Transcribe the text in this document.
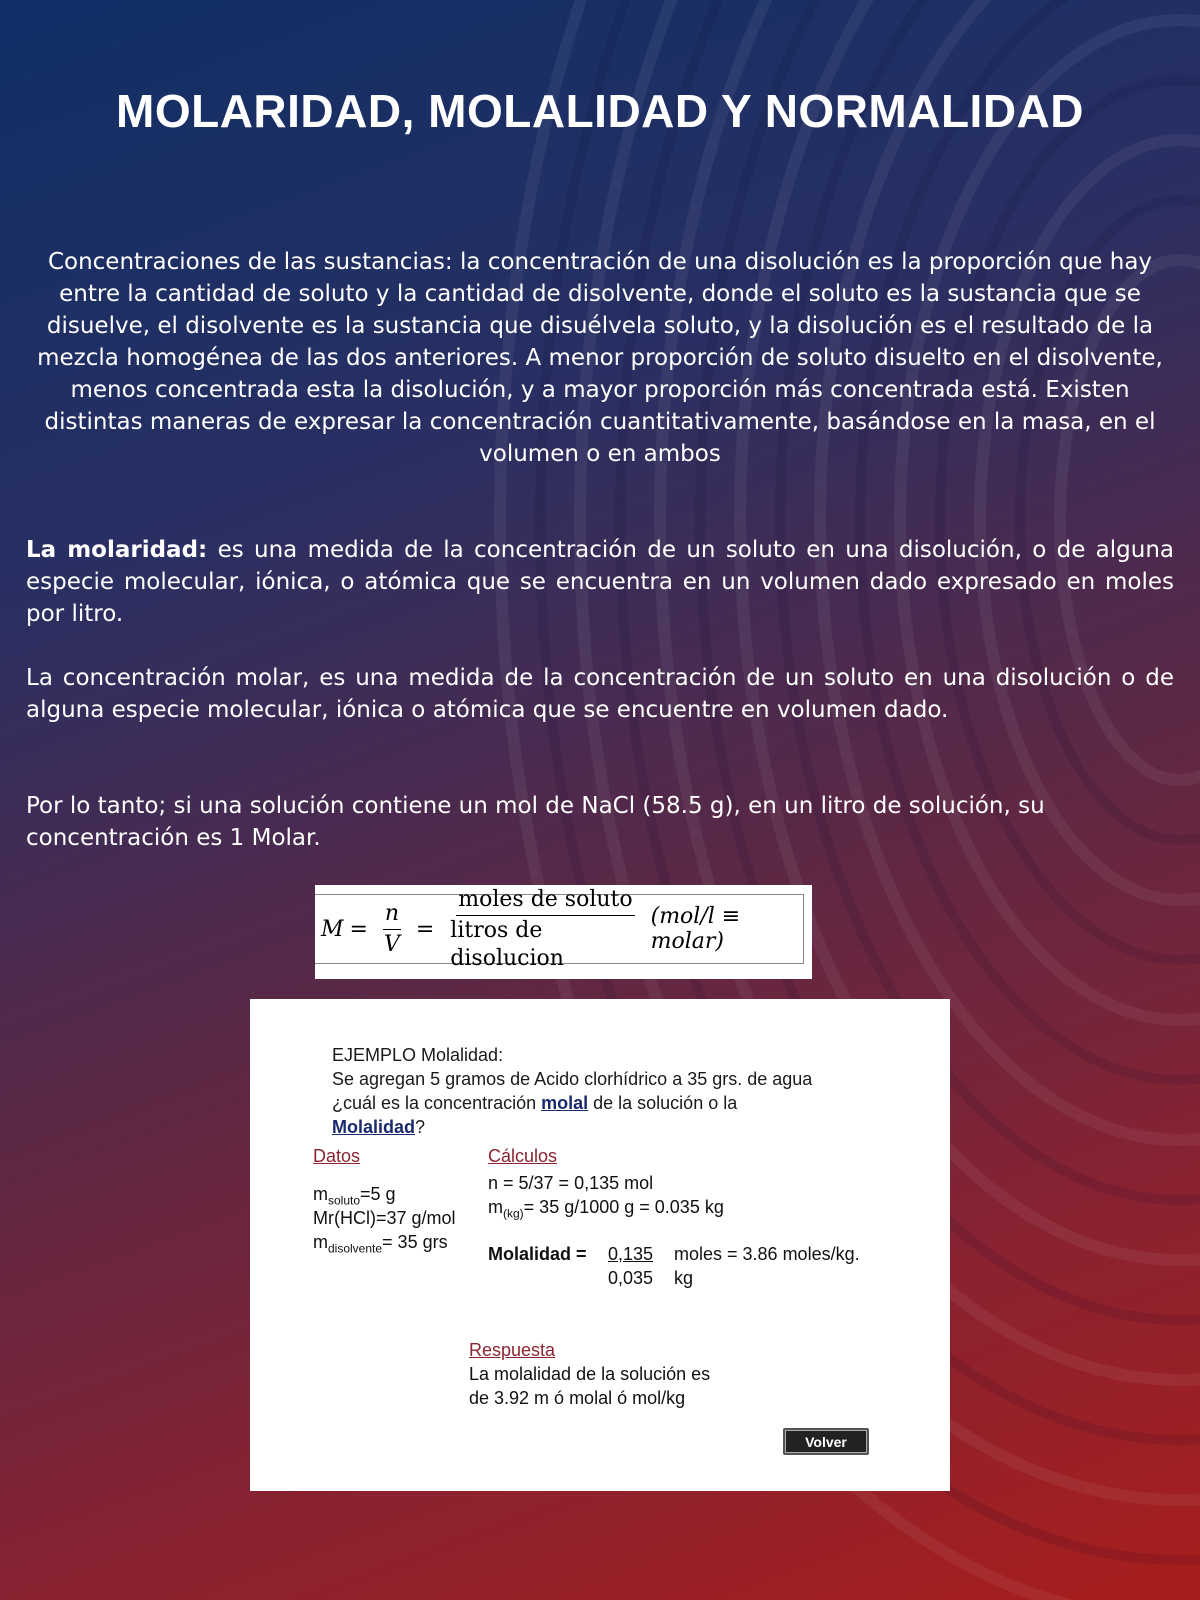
MOLARIDAD, MOLALIDAD Y NORMALIDAD

Concentraciones de las sustancias: la concentración de una disolución es la proporción que hay entre la cantidad de soluto y la cantidad de disolvente, donde el soluto es la sustancia que se disuelve, el disolvente es la sustancia que disuélvela soluto, y la disolución es el resultado de la mezcla homogénea de las dos anteriores. A menor proporción de soluto disuelto en el disolvente, menos concentrada esta la disolución, y a mayor proporción más concentrada está. Existen distintas maneras de expresar la concentración cuantitativamente, basándose en la masa, en el volumen o en ambos

La molaridad: es una medida de la concentración de un soluto en una disolución, o de alguna especie molecular, iónica, o atómica que se encuentra en un volumen dado expresado en moles por litro.

La concentración molar, es una medida de la concentración de un soluto en una disolución o de alguna especie molecular, iónica o atómica que se encuentre en volumen dado.

Por lo tanto; si una solución contiene un mol de NaCl (58.5 g), en un litro de solución, su concentración es 1 Molar.

$M = \frac{n}{V} = \frac{\text{moles de soluto}}{\text{litros de disolucion}} (mol/l$ ≡ molar)
EJEMPLO Molalidad:
Se agregan 5 gramos de Acido clorhídrico a 35 grs. de agua
¿cuál es la concentración molal de la solución o la
Molalidad?
Datos	Cálculos
$m_{soluto}=5$ g
Mr(HCl)=37 g/mol
$m_{disolvente}= 35$ grs
n = 5/37 = 0,135 mol
$m_{(kg)}= 35$ g/1000 g = 0.035 kg
Molalidad = 0,135 moles = 3.86 moles/kg.
0,035 kg
Respuesta
La molalidad de la solución es
de 3.92 m ó molal ó mol/kg
Volver
